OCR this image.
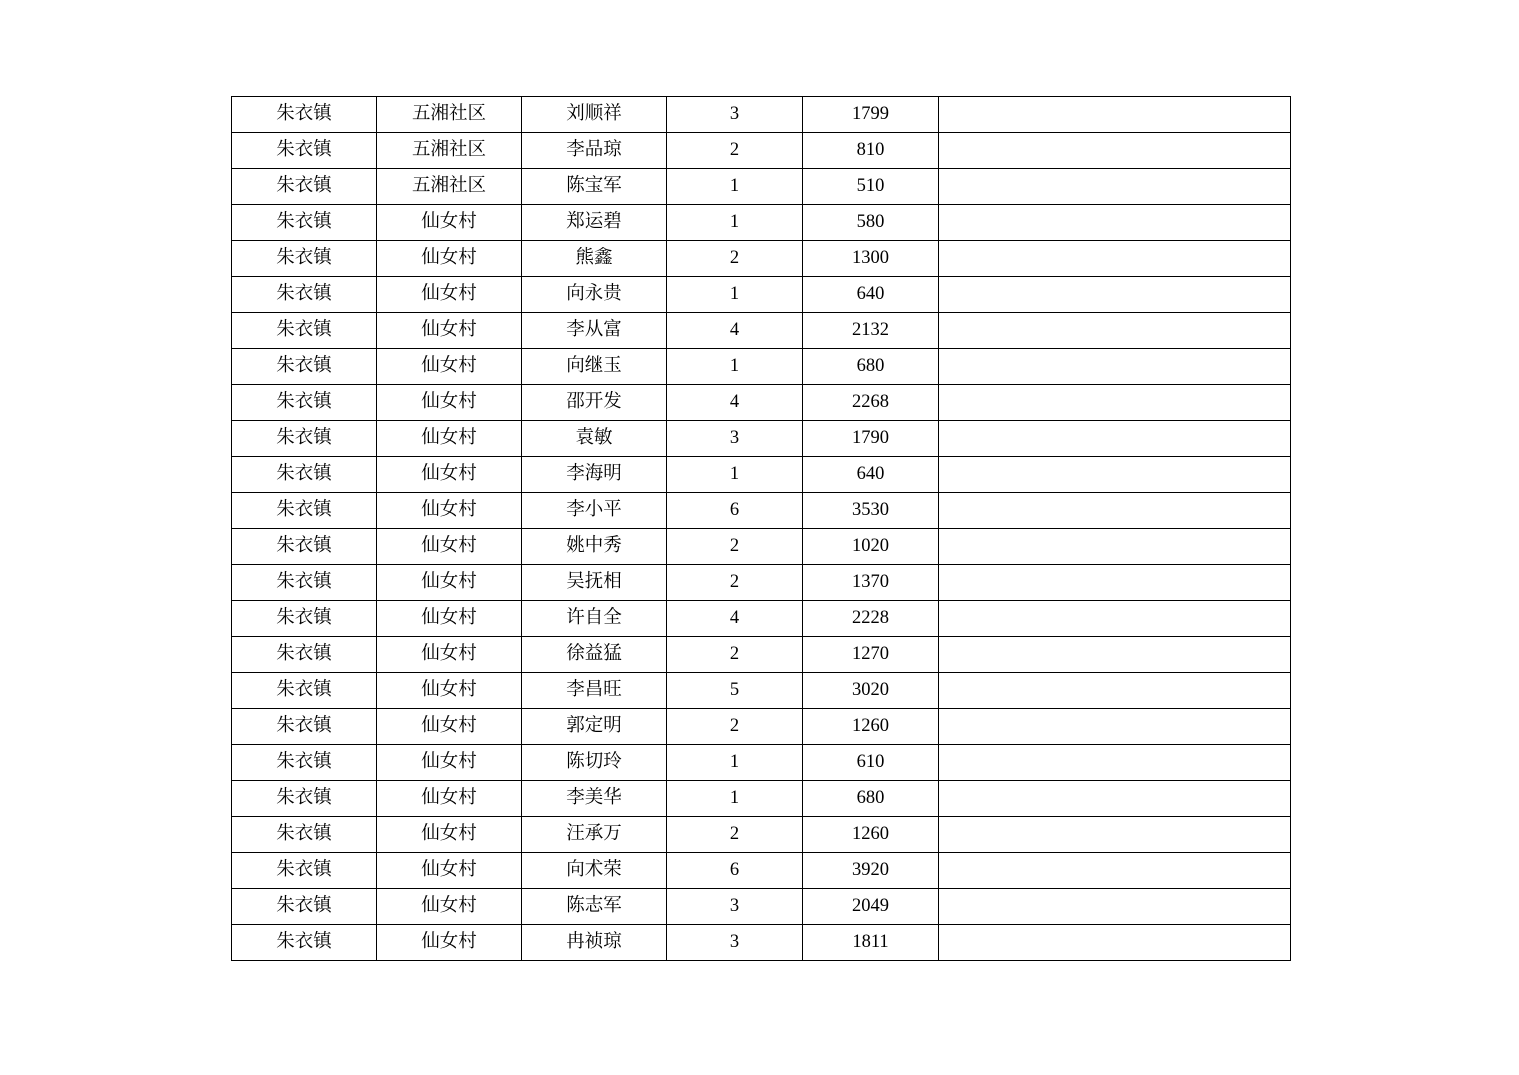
朱衣镇	五湘社区	刘顺祥	3	1799	
朱衣镇	五湘社区	李品琼	2	810	
朱衣镇	五湘社区	陈宝军	1	510	
朱衣镇	仙女村	郑运碧	1	580	
朱衣镇	仙女村	熊鑫	2	1300	
朱衣镇	仙女村	向永贵	1	640	
朱衣镇	仙女村	李从富	4	2132	
朱衣镇	仙女村	向继玉	1	680	
朱衣镇	仙女村	邵开发	4	2268	
朱衣镇	仙女村	袁敏	3	1790	
朱衣镇	仙女村	李海明	1	640	
朱衣镇	仙女村	李小平	6	3530	
朱衣镇	仙女村	姚中秀	2	1020	
朱衣镇	仙女村	吴抚相	2	1370	
朱衣镇	仙女村	许自全	4	2228	
朱衣镇	仙女村	徐益猛	2	1270	
朱衣镇	仙女村	李昌旺	5	3020	
朱衣镇	仙女村	郭定明	2	1260	
朱衣镇	仙女村	陈切玲	1	610	
朱衣镇	仙女村	李美华	1	680	
朱衣镇	仙女村	汪承万	2	1260	
朱衣镇	仙女村	向术荣	6	3920	
朱衣镇	仙女村	陈志军	3	2049	
朱衣镇	仙女村	冉祯琼	3	1811	
